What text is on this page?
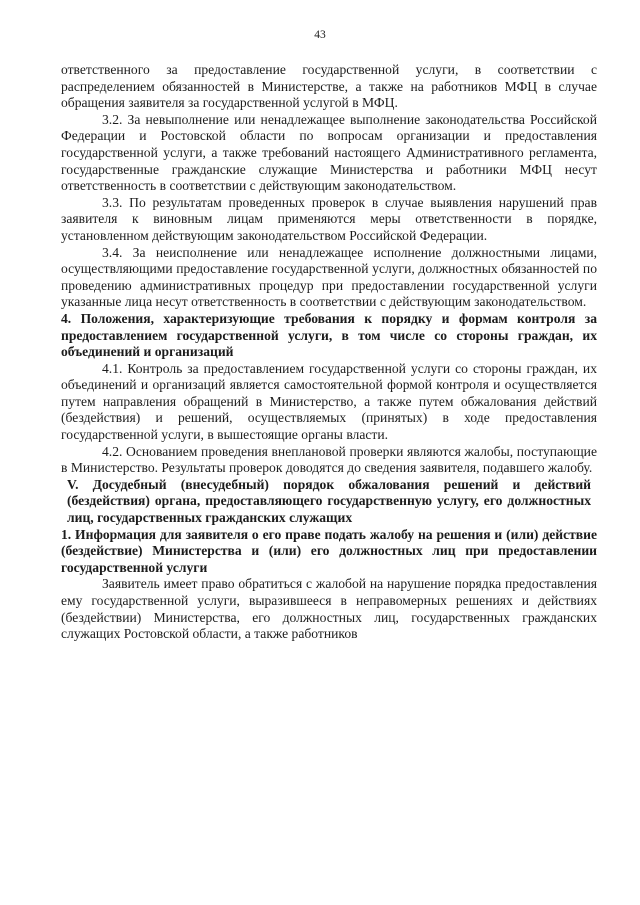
43

ответственного за предоставление государственной услуги, в соответствии с распределением обязанностей в Министерстве, а также на работников МФЦ в случае обращения заявителя за государственной услугой в МФЦ.

3.2. За невыполнение или ненадлежащее выполнение законодательства Российской Федерации и Ростовской области по вопросам организации и предоставления государственной услуги, а также требований настоящего Административного регламента, государственные гражданские служащие Министерства и работники МФЦ несут ответственность в соответствии с действующим законодательством.

3.3. По результатам проведенных проверок в случае выявления нарушений прав заявителя к виновным лицам применяются меры ответственности в порядке, установленном действующим законодательством Российской Федерации.

3.4. За неисполнение или ненадлежащее исполнение должностными лицами, осуществляющими предоставление государственной услуги, должностных обязанностей по проведению административных процедур при предоставлении государственной услуги указанные лица несут ответственность в соответствии с действующим законодательством.

4. Положения, характеризующие требования к порядку и формам контроля за предоставлением государственной услуги, в том числе со стороны граждан, их объединений и организаций

4.1. Контроль за предоставлением государственной услуги со стороны граждан, их объединений и организаций является самостоятельной формой контроля и осуществляется путем направления обращений в Министерство, а также путем обжалования действий (бездействия) и решений, осуществляемых (принятых) в ходе предоставления государственной услуги, в вышестоящие органы власти.

4.2. Основанием проведения внеплановой проверки являются жалобы, поступающие в Министерство. Результаты проверок доводятся до сведения заявителя, подавшего жалобу.

V. Досудебный (внесудебный) порядок обжалования решений и действий (бездействия) органа, предоставляющего государственную услугу, его должностных лиц, государственных гражданских служащих

1. Информация для заявителя о его праве подать жалобу на решения и (или) действие (бездействие) Министерства и (или) его должностных лиц при предоставлении государственной услуги

Заявитель имеет право обратиться с жалобой на нарушение порядка предоставления ему государственной услуги, выразившееся в неправомерных решениях и действиях (бездействии) Министерства, его должностных лиц, государственных гражданских служащих Ростовской области, а также работников
